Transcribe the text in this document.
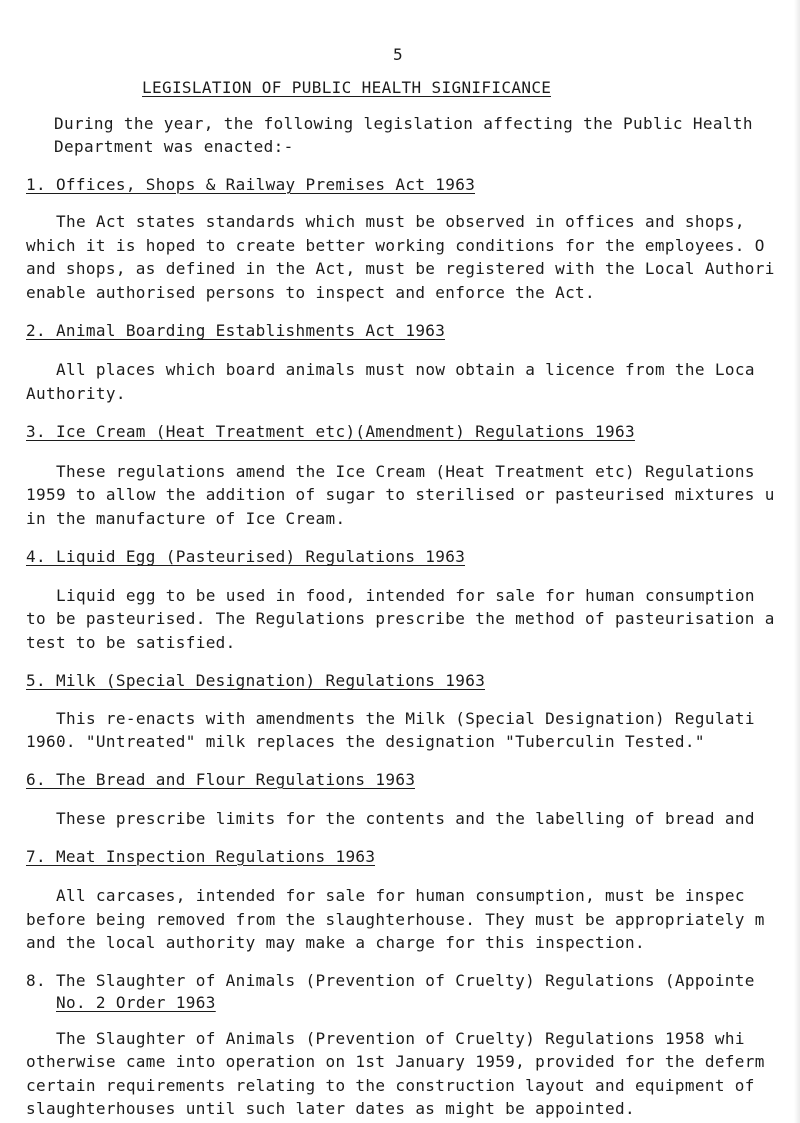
5
LEGISLATION OF PUBLIC HEALTH SIGNIFICANCE
During the year, the following legislation affecting the Public Health
Department was enacted:-
1. Offices, Shops & Railway Premises Act 1963
The Act states standards which must be observed in offices and shops,
which it is hoped to create better working conditions for the employees. O
and shops, as defined in the Act, must be registered with the Local Authori
enable authorised persons to inspect and enforce the Act.
2. Animal Boarding Establishments Act 1963
All places which board animals must now obtain a licence from the Loca
Authority.
3. Ice Cream (Heat Treatment etc)(Amendment) Regulations 1963
These regulations amend the Ice Cream (Heat Treatment etc) Regulations
1959 to allow the addition of sugar to sterilised or pasteurised mixtures u
in the manufacture of Ice Cream.
4. Liquid Egg (Pasteurised) Regulations 1963
Liquid egg to be used in food, intended for sale for human consumption
to be pasteurised. The Regulations prescribe the method of pasteurisation a
test to be satisfied.
5. Milk (Special Designation) Regulations 1963
This re-enacts with amendments the Milk (Special Designation) Regulati
1960. "Untreated" milk replaces the designation "Tuberculin Tested."
6. The Bread and Flour Regulations 1963
These prescribe limits for the contents and the labelling of bread and
7. Meat Inspection Regulations 1963
All carcases, intended for sale for human consumption, must be inspec
before being removed from the slaughterhouse. They must be appropriately m
and the local authority may make a charge for this inspection.
8. The Slaughter of Animals (Prevention of Cruelty) Regulations (Appointe
No. 2 Order 1963
The Slaughter of Animals (Prevention of Cruelty) Regulations 1958 whi
otherwise came into operation on 1st January 1959, provided for the deferm
certain requirements relating to the construction layout and equipment of
slaughterhouses until such later dates as might be appointed.
